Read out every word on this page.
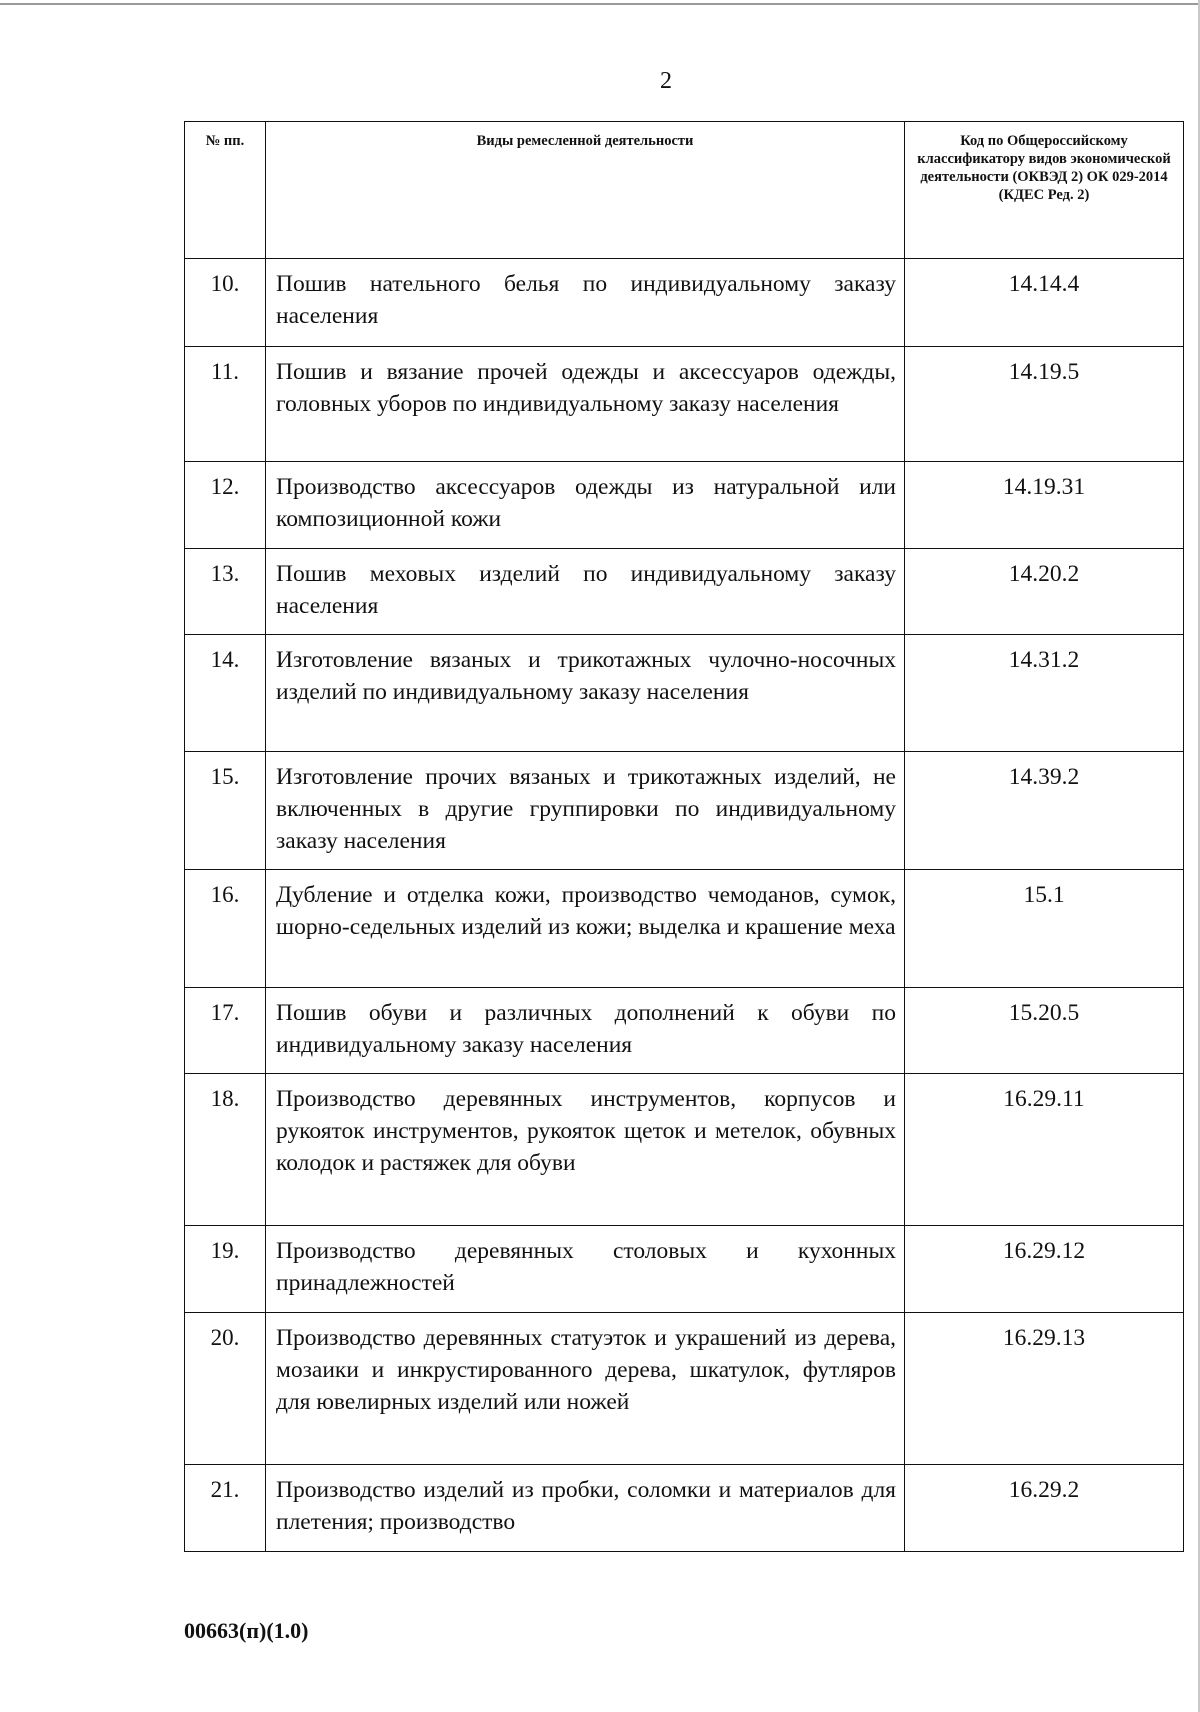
2
№ пп.	Виды ремесленной деятельности	Код по Общероссийскому классификатору видов экономической деятельности (ОКВЭД 2) ОК 029-2014 (КДЕС Ред. 2)
10.	Пошив нательного белья по индивидуальному заказу населения	14.14.4
11.	Пошив и вязание прочей одежды и аксессуаров одежды, головных уборов по индивидуальному заказу населения	14.19.5
12.	Производство аксессуаров одежды из натуральной или композиционной кожи	14.19.31
13.	Пошив меховых изделий по индивидуальному заказу населения	14.20.2
14.	Изготовление вязаных и трикотажных чулочно-носочных изделий по индивидуальному заказу населения	14.31.2
15.	Изготовление прочих вязаных и трикотажных изделий, не включенных в другие группировки по индивидуальному заказу населения	14.39.2
16.	Дубление и отделка кожи, производство чемоданов, сумок, шорно-седельных изделий из кожи; выделка и крашение меха	15.1
17.	Пошив обуви и различных дополнений к обуви по индивидуальному заказу населения	15.20.5
18.	Производство деревянных инструментов, корпусов и рукояток инструментов, рукояток щеток и метелок, обувных колодок и растяжек для обуви	16.29.11
19.	Производство деревянных столовых и кухонных принадлежностей	16.29.12
20.	Производство деревянных статуэток и украшений из дерева, мозаики и инкрустированного дерева, шкатулок, футляров для ювелирных изделий или ножей	16.29.13
21.	Производство изделий из пробки, соломки и материалов для плетения; производство	16.29.2
00663(п)(1.0)
